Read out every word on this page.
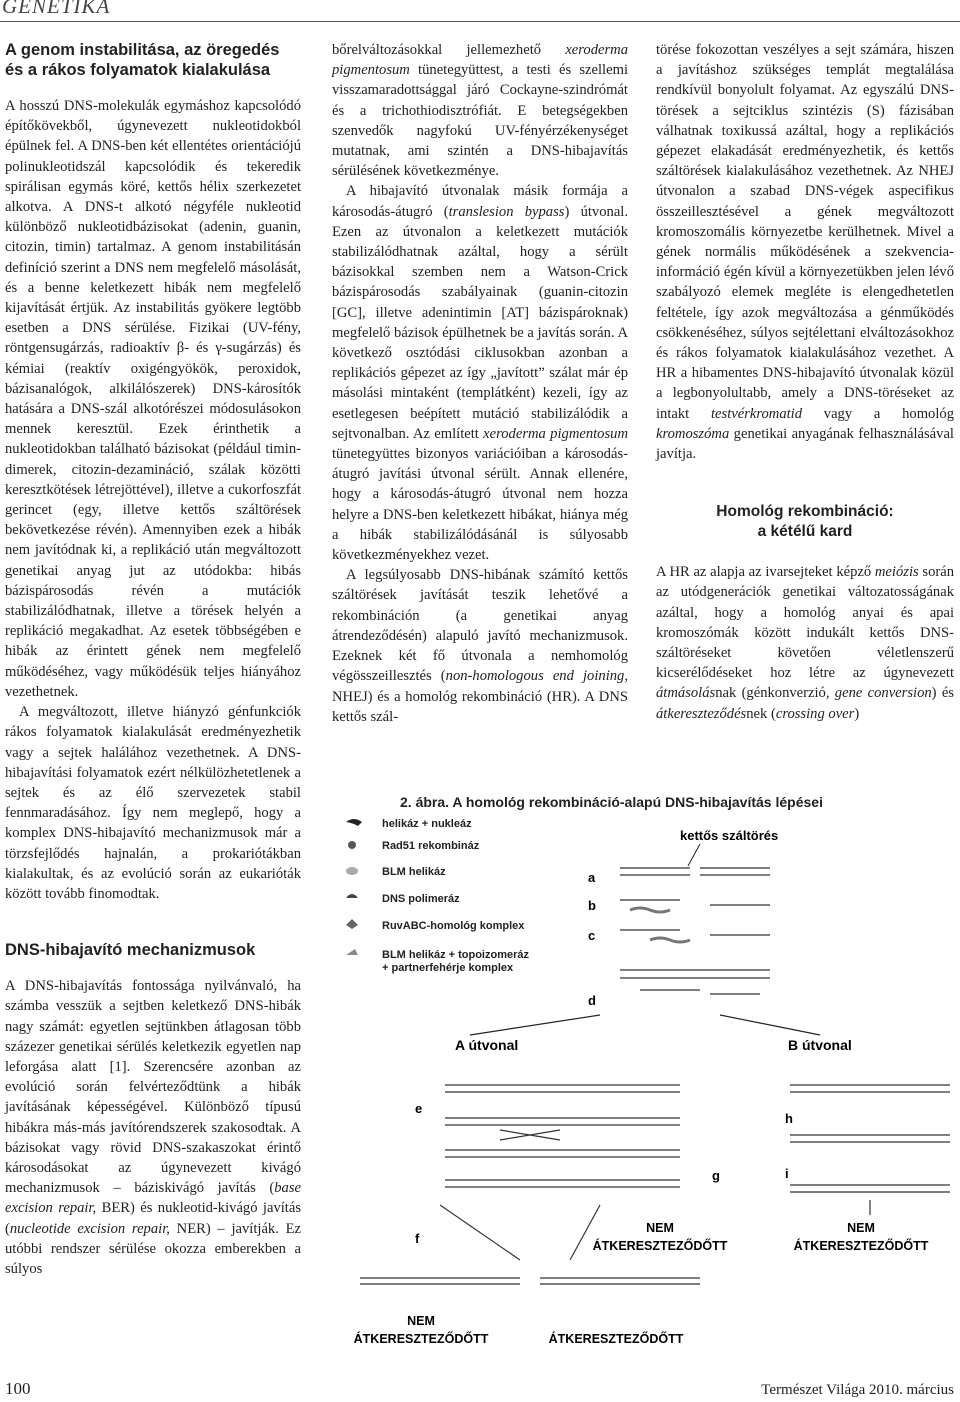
GENETIKA
A genom instabilitása, az öregedés és a rákos folyamatok kialakulása

A hosszú DNS-molekulák egymáshoz kapcsolódó építőkövekből, úgynevezett nukleotidokból épülnek fel. A DNS-ben két ellentétes orientációjú polinukleotidszál kapcsolódik és tekeredik spirálisan egymás köré, kettős hélix szerkezetet alkotva. A DNS-t alkotó négyféle nukleotid különböző nukleotidbázisokat (adenin, guanin, citozin, timin) tartalmaz. A genom instabilitásán definíció szerint a DNS nem megfelelő másolását, és a benne keletkezett hibák nem megfelelő kijavítását értjük. Az instabilitás gyökere legtöbb esetben a DNS sérülése. Fizikai (UV-fény, röntgensugárzás, radioaktív β- és γ-sugárzás) és kémiai (reaktív oxigéngyökök, peroxidok, bázisanalógok, alkilálószerek) DNS-károsítók hatására a DNS-szál alkotórészei módosulásokon mennek keresztül. Ezek érinthetik a nukleotidokban található bázisokat (például timin-dimerek, citozin-dezamináció, szálak közötti keresztkötések létrejöttével), illetve a cukorfoszfát gerincet (egy, illetve kettős száltörések bekövetkezése révén). Amennyiben ezek a hibák nem javítódnak ki, a replikáció után megváltozott genetikai anyag jut az utódokba: hibás bázispárosodás révén a mutációk stabilizálódhatnak, illetve a törések helyén a replikáció megakadhat. Az esetek többségében e hibák az érintett gének nem megfelelő működéséhez, vagy működésük teljes hiányához vezethetnek.

A megváltozott, illetve hiányzó génfunkciók rákos folyamatok kialakulását eredményezhetik vagy a sejtek halálához vezethetnek. A DNS-hibajavítási folyamatok ezért nélkülözhetetlenek a sejtek és az élő szervezetek stabil fennmaradásához. Így nem meglepő, hogy a komplex DNS-hibajavító mechanizmusok már a törzsfejlődés hajnalán, a prokariótákban kialakultak, és az evolúció során az eukarióták között tovább finomodtak.

DNS-hibajavító mechanizmusok

A DNS-hibajavítás fontossága nyilvánvaló, ha számba vesszük a sejtben keletkező DNS-hibák nagy számát: egyetlen sejtünkben átlagosan több százezer genetikai sérülés keletkezik egyetlen nap leforgása alatt [1]. Szerencsére azonban az evolúció során felvérteződtünk a hibák javításának képességével. Különböző típusú hibákra más-más javítórendszerek szakosodtak. A bázisokat vagy rövid DNS-szakaszokat érintő károsodásokat az úgynevezett kivágó mechanizmusok – báziskivágó javítás (base excision repair, BER) és nukleotid-kivágó javítás (nucleotide excision repair, NER) – javítják. Ez utóbbi rendszer sérülése okozza emberekben a súlyos

bőrelváltozásokkal jellemezhető xeroderma pigmentosum tünetegyüttest, a testi és szellemi visszamaradottsággal járó Cockayne-szindrómát és a trichothiodisztrófiát. E betegségekben szenvedők nagyfokú UV-fényérzékenységet mutatnak, ami szintén a DNS-hibajavítás sérülésének következménye.

A hibajavító útvonalak másik formája a károsodás-átugró (translesion bypass) útvonal. Ezen az útvonalon a keletkezett mutációk stabilizálódhatnak azáltal, hogy a sérült bázisokkal szemben nem a Watson-Crick bázispárosodás szabályainak (guanin-citozin [GC], illetve adenintimin [AT] bázispároknak) megfelelő bázisok épülhetnek be a javítás során. A következő osztódási ciklusokban azonban a replikációs gépezet az így „javított” szálat már ép másolási mintaként (templátként) kezeli, így az esetlegesen beépített mutáció stabilizálódik a sejtvonalban. Az említett xeroderma pigmentosum tünetegyüttes bizonyos variációiban a károsodás-átugró javítási útvonal sérült. Annak ellenére, hogy a károsodás-átugró útvonal nem hozza helyre a DNS-ben keletkezett hibákat, hiánya még a hibák stabilizálódásánál is súlyosabb következményekhez vezet.

A legsúlyosabb DNS-hibának számító kettős száltörések javítását teszik lehetővé a rekombináción (a genetikai anyag átrendeződésén) alapuló javító mechanizmusok. Ezeknek két fő útvonala a nemhomológ végösszeillesztés (non-homologous end joining, NHEJ) és a homológ rekombináció (HR). A DNS kettős szál-

törése fokozottan veszélyes a sejt számára, hiszen a javításhoz szükséges templát megtalálása rendkívül bonyolult folyamat. Az egyszálú DNS-törések a sejtciklus szintézis (S) fázisában válhatnak toxikussá azáltal, hogy a replikációs gépezet elakadását eredményezhetik, és kettős száltörések kialakulásához vezethetnek. Az NHEJ útvonalon a szabad DNS-végek aspecifikus összeillesztésével a gének megváltozott kromoszomális környezetbe kerülhetnek. Mivel a gének normális működésének a szekvencia-információ égén kívül a környezetükben jelen lévő szabályozó elemek megléte is elengedhetetlen feltétele, így azok megváltozása a génműködés csökkenéséhez, súlyos sejtélettani elváltozásokhoz és rákos folyamatok kialakulásához vezethet. A HR a hibamentes DNS-hibajavító útvonalak közül a legbonyolultabb, amely a DNS-töréseket az intakt testvérkromatid vagy a homológ kromoszóma genetikai anyagának felhasználásával javítja.

Homológ rekombináció: a kétélű kard

A HR az alapja az ivarsejteket képző meiózis során az utódgenerációk genetikai változatosságának azáltal, hogy a homológ anyai és apai kromoszómák között indukált kettős DNS-száltöréseket követően véletlenszerű kicserélődéseket hoz létre az úgynevezett átmásolásnak (génkonverzió, gene conversion) és átkereszteződésnek (crossing over)

2. ábra. A homológ rekombináció-alapú DNS-hibajavítás lépései
helikáz + nukleáz
Rad51 rekombináz
BLM helikáz
DNS polimeráz
RuvABC-homológ komplex
BLM helikáz + topoizomeráz
+ partnerfehérje komplex
kettős száltörés
a
b
c
d
A útvonal	B útvonal
e
f
g
h
i
NEM
ÁTKERESZTEZŐDŐTT
NEM
ÁTKERESZTEZŐDŐTT
NEM
ÁTKERESZTEZŐDŐTT	ÁTKERESZTEZŐDŐTT
100	Természet Világa 2010. március
